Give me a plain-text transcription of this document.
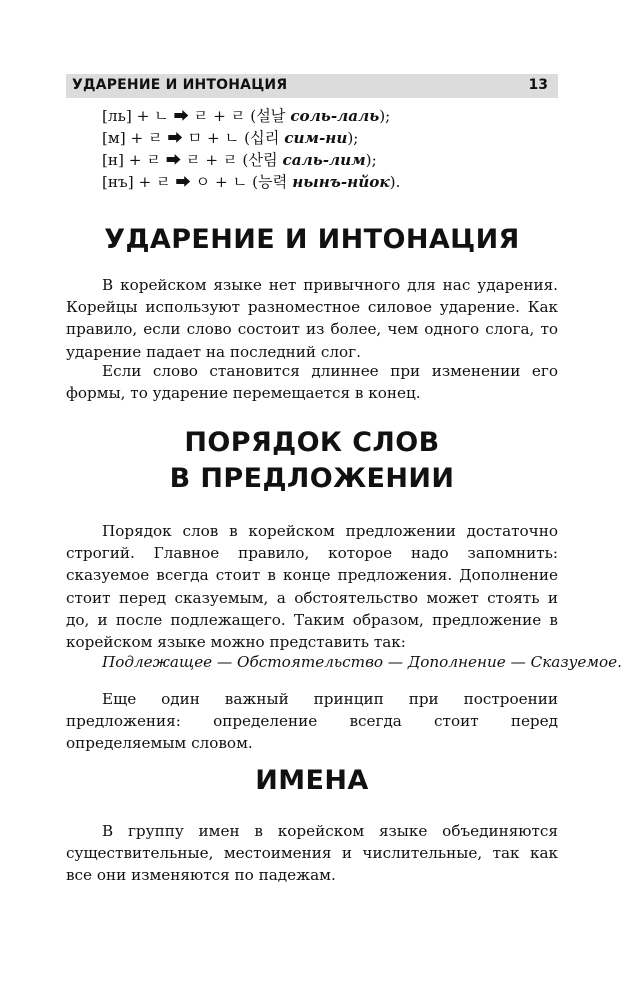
УДАРЕНИЕ И ИНТОНАЦИЯ	13
[ль] + ㄴ ⮕ ㄹ + ㄹ (설날 соль-лаль);
[м] + ㄹ ⮕ ㅁ + ㄴ (십리 сим-ни);
[н] + ㄹ ⮕ ㄹ + ㄹ (산림 саль-лим);
[нъ] + ㄹ ⮕ ㅇ + ㄴ (능력 нынъ-нйок).
УДАРЕНИЕ И ИНТОНАЦИЯ

В корейском языке нет привычного для нас ударения. Корейцы используют разноместное силовое ударение. Как правило, если слово состоит из более, чем одного слога, то ударение падает на последний слог.

Если слово становится длиннее при изменении его формы, то ударение перемещается в конец.

ПОРЯДОК СЛОВ
В ПРЕДЛОЖЕНИИ

Порядок слов в корейском предложении достаточно строгий. Главное правило, которое надо запомнить: сказуемое всегда стоит в конце предложения. Дополнение стоит перед сказуемым, а обстоятельство может стоять и до, и после подлежащего. Таким образом, предложение в корейском языке можно представить так:

Подлежащее — Обстоятельство — Дополнение — Сказуемое.

Еще один важный принцип при построении предложения: определение всегда стоит перед определяемым словом.

ИМЕНА

В группу имен в корейском языке объединяются существительные, местоимения и числительные, так как все они изменяются по падежам.
